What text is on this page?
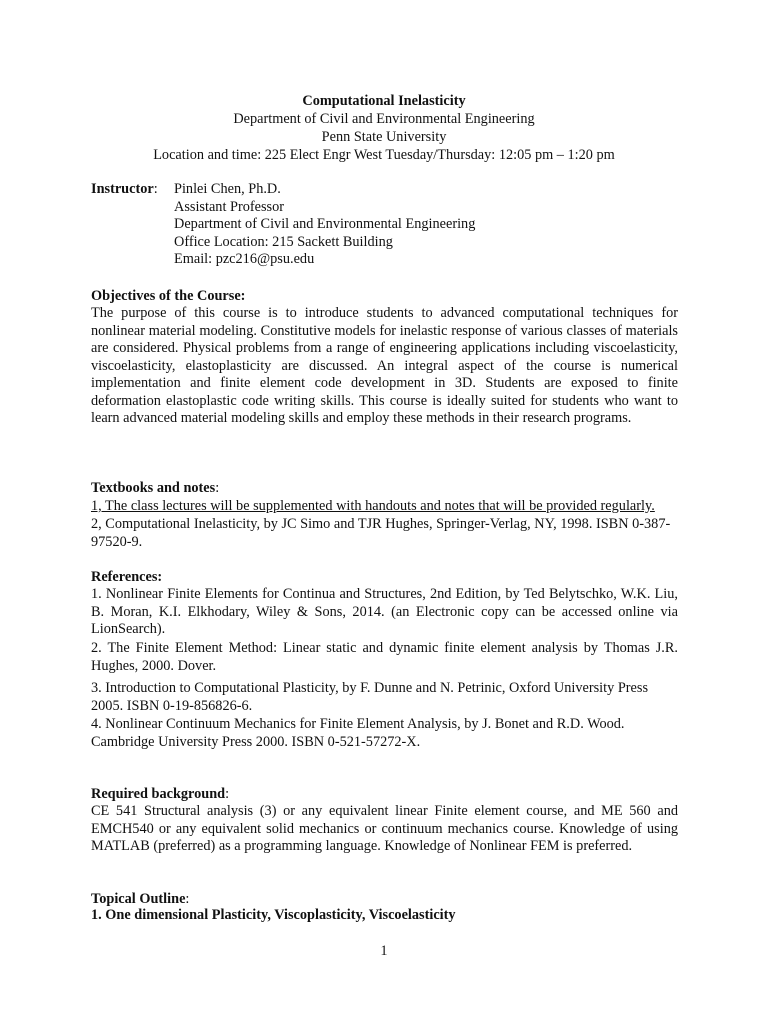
Computational Inelasticity
Department of Civil and Environmental Engineering
Penn State University
Location and time: 225 Elect Engr West Tuesday/Thursday: 12:05 pm – 1:20 pm
Instructor: Pinlei Chen, Ph.D.
Assistant Professor
Department of Civil and Environmental Engineering
Office Location: 215 Sackett Building
Email: pzc216@psu.edu
Objectives of the Course:
The purpose of this course is to introduce students to advanced computational techniques for nonlinear material modeling. Constitutive models for inelastic response of various classes of materials are considered. Physical problems from a range of engineering applications including viscoelasticity, viscoelasticity, elastoplasticity are discussed. An integral aspect of the course is numerical implementation and finite element code development in 3D. Students are exposed to finite deformation elastoplastic code writing skills. This course is ideally suited for students who want to learn advanced material modeling skills and employ these methods in their research programs.
Textbooks and notes:
1, The class lectures will be supplemented with handouts and notes that will be provided regularly.
2, Computational Inelasticity, by JC Simo and TJR Hughes, Springer-Verlag, NY, 1998. ISBN 0-387-97520-9.
References:
1. Nonlinear Finite Elements for Continua and Structures, 2nd Edition, by Ted Belytschko, W.K. Liu, B. Moran, K.I. Elkhodary, Wiley & Sons, 2014. (an Electronic copy can be accessed online via LionSearch).
2. The Finite Element Method: Linear static and dynamic finite element analysis by Thomas J.R. Hughes, 2000. Dover.
3. Introduction to Computational Plasticity, by F. Dunne and N. Petrinic, Oxford University Press 2005. ISBN 0-19-856826-6.
4. Nonlinear Continuum Mechanics for Finite Element Analysis, by J. Bonet and R.D. Wood. Cambridge University Press 2000. ISBN 0-521-57272-X.
Required background:
CE 541 Structural analysis (3) or any equivalent linear Finite element course, and ME 560 and EMCH540 or any equivalent solid mechanics or continuum mechanics course. Knowledge of using MATLAB (preferred) as a programming language. Knowledge of Nonlinear FEM is preferred.
Topical Outline:
1. One dimensional Plasticity, Viscoplasticity, Viscoelasticity
1
